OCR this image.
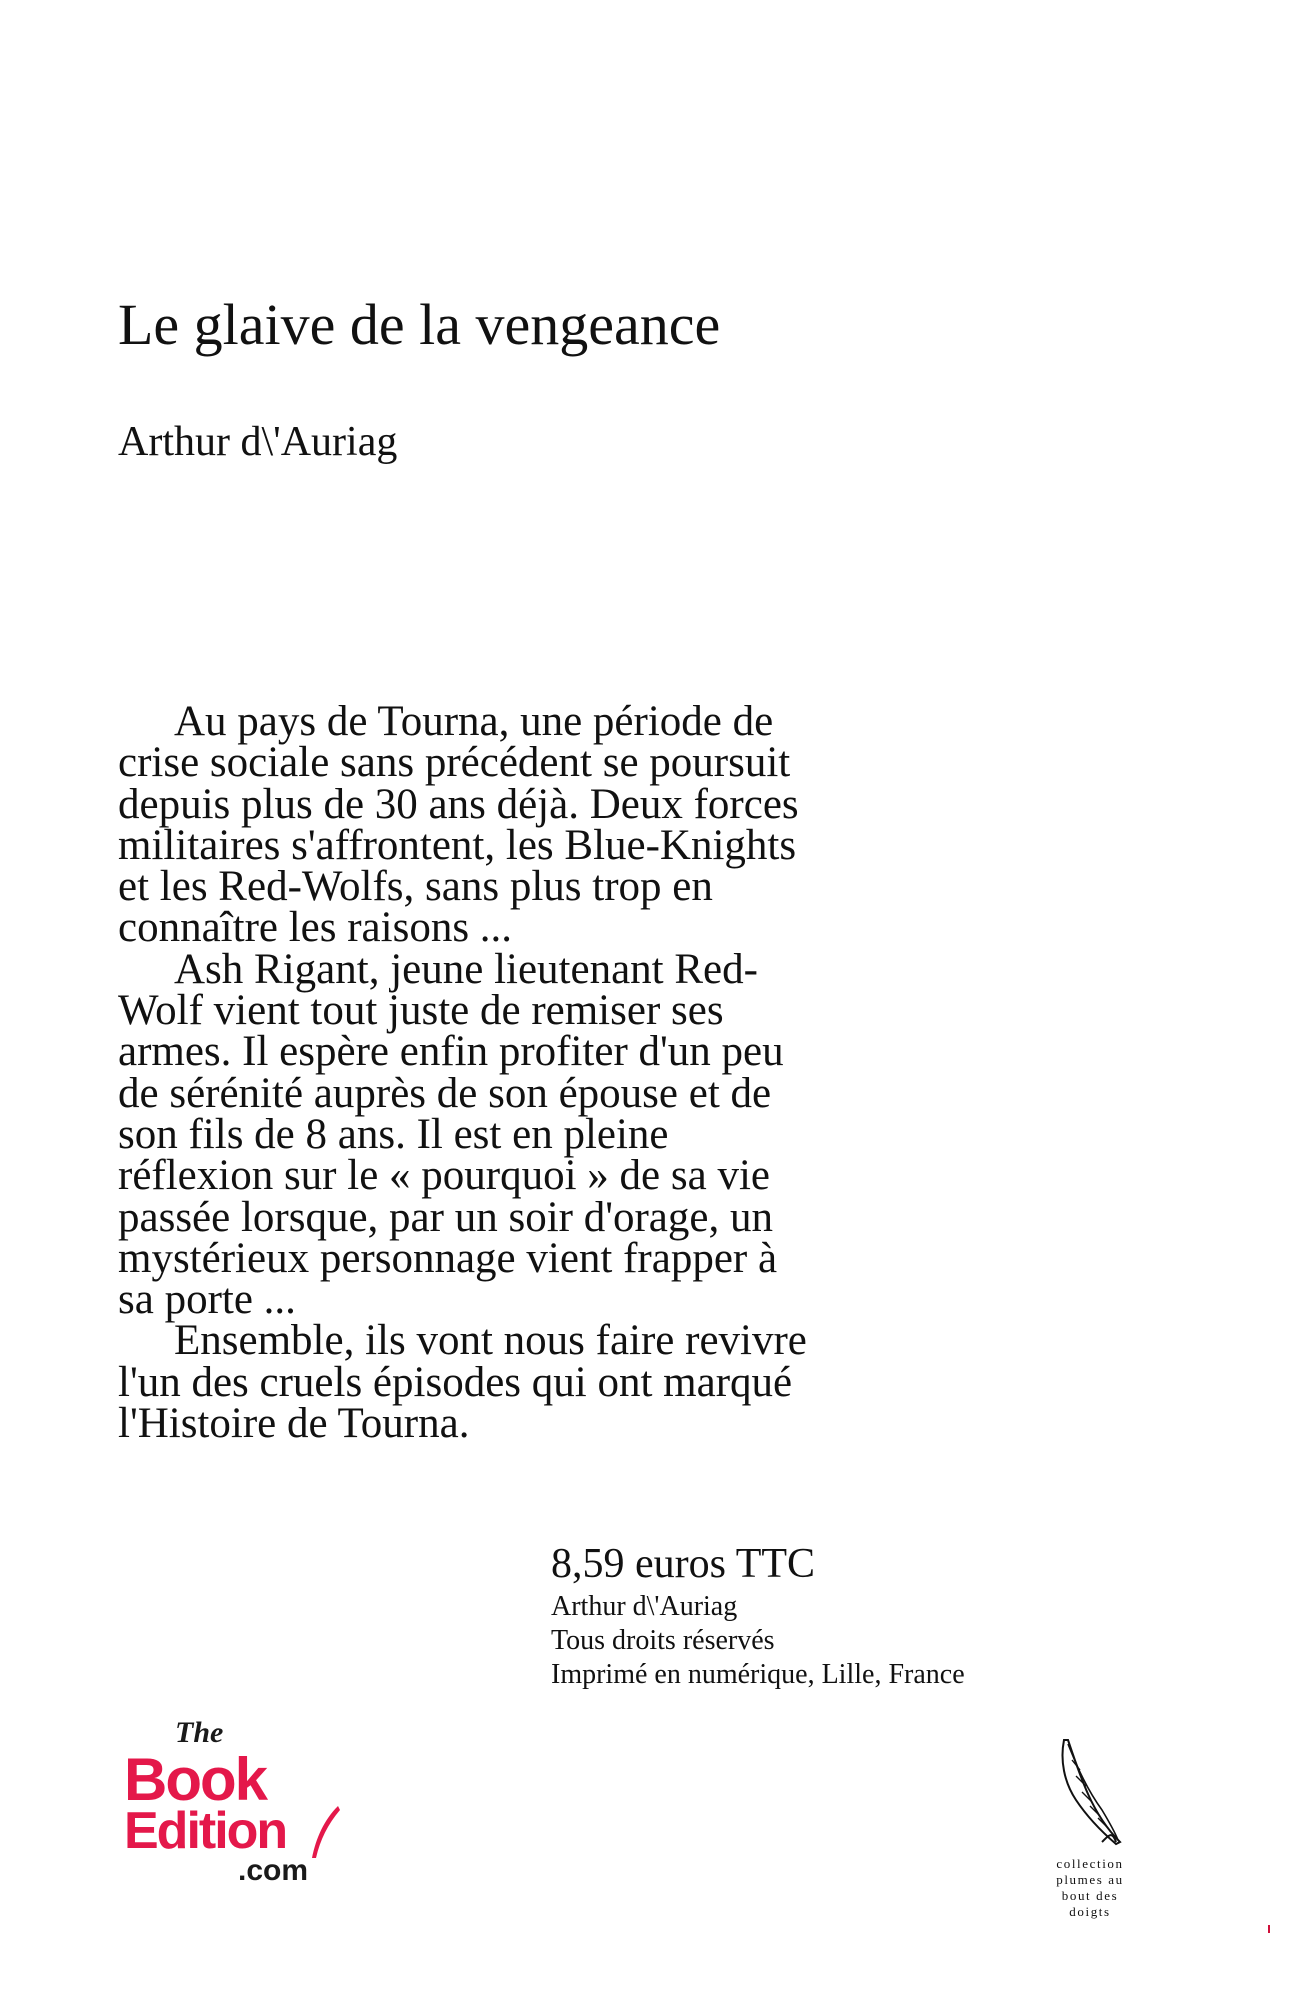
Le glaive de la vengeance
Arthur d\'Auriag
Au pays de Tourna, une période de
crise sociale sans précédent se poursuit
depuis plus de 30 ans déjà. Deux forces
militaires s'affrontent, les Blue-Knights
et les Red-Wolfs, sans plus trop en
connaître les raisons ...
Ash Rigant, jeune lieutenant Red-
Wolf vient tout juste de remiser ses
armes. Il espère enfin profiter d'un peu
de sérénité auprès de son épouse et de
son fils de 8 ans. Il est en pleine
réflexion sur le « pourquoi » de sa vie
passée lorsque, par un soir d'orage, un
mystérieux personnage vient frapper à
sa porte ...
Ensemble, ils vont nous faire revivre
l'un des cruels épisodes qui ont marqué
l'Histoire de Tourna.
8,59 euros TTC
Arthur d\'Auriag
Tous droits réservés
Imprimé en numérique, Lille, France
The
Book
Edition
.com	collection
plumes au
bout des
doigts
